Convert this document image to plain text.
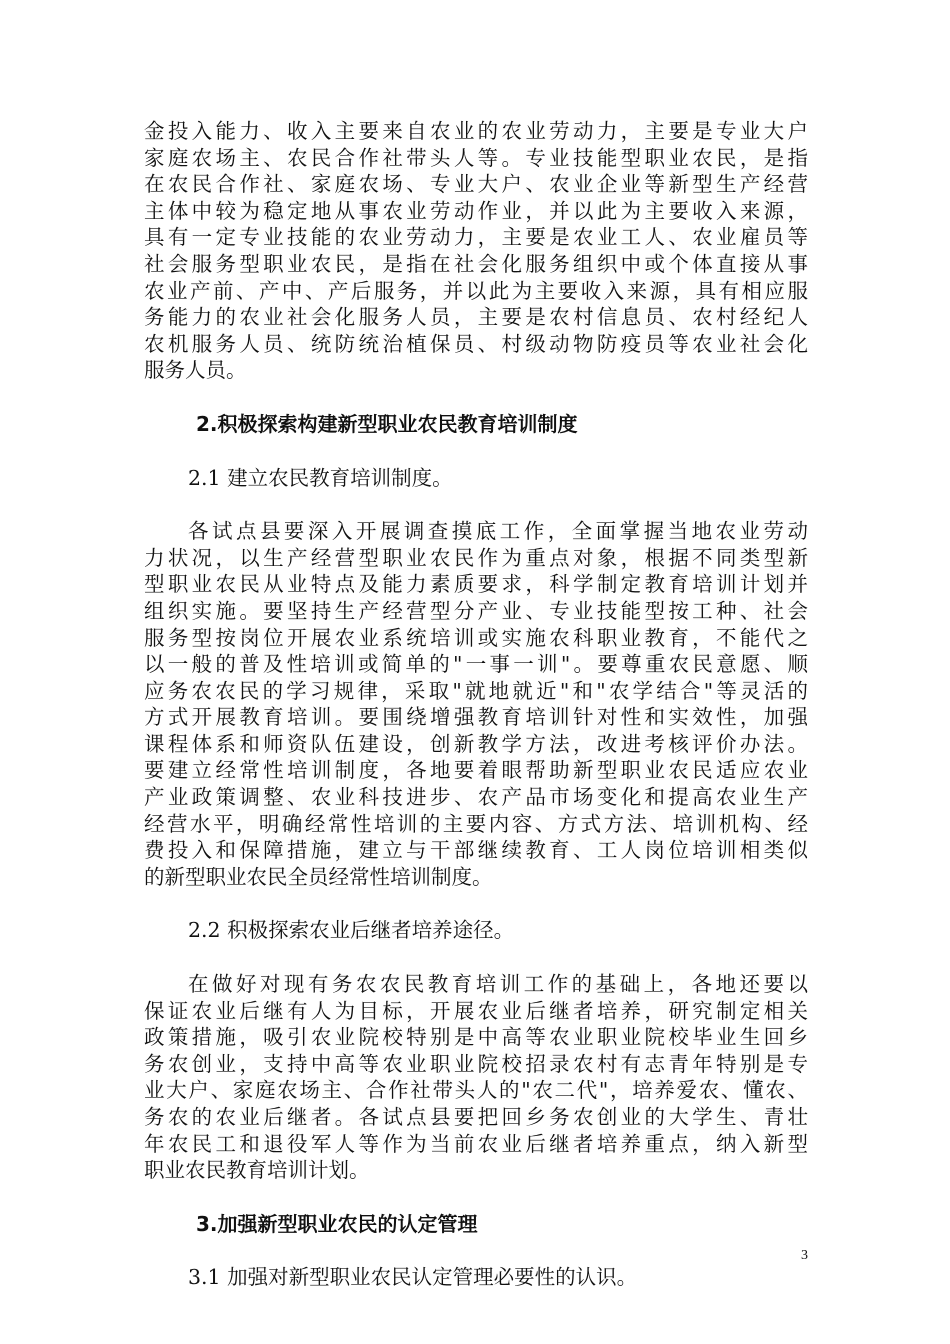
金投入能力、收入主要来自农业的农业劳动力，主要是专业大户
家庭农场主、农民合作社带头人等。专业技能型职业农民，是指
在农民合作社、家庭农场、专业大户、农业企业等新型生产经营
主体中较为稳定地从事农业劳动作业，并以此为主要收入来源，
具有一定专业技能的农业劳动力，主要是农业工人、农业雇员等
社会服务型职业农民，是指在社会化服务组织中或个体直接从事
农业产前、产中、产后服务，并以此为主要收入来源，具有相应服
务能力的农业社会化服务人员，主要是农村信息员、农村经纪人
农机服务人员、统防统治植保员、村级动物防疫员等农业社会化
服务人员。
2.积极探索构建新型职业农民教育培训制度
2.1 建立农民教育培训制度。
各试点县要深入开展调查摸底工作，全面掌握当地农业劳动
力状况，以生产经营型职业农民作为重点对象，根据不同类型新
型职业农民从业特点及能力素质要求，科学制定教育培训计划并
组织实施。要坚持生产经营型分产业、专业技能型按工种、社会
服务型按岗位开展农业系统培训或实施农科职业教育，不能代之
以一般的普及性培训或简单的"一事一训"。要尊重农民意愿、顺
应务农农民的学习规律，采取"就地就近"和"农学结合"等灵活的
方式开展教育培训。要围绕增强教育培训针对性和实效性，加强
课程体系和师资队伍建设，创新教学方法，改进考核评价办法。
要建立经常性培训制度，各地要着眼帮助新型职业农民适应农业
产业政策调整、农业科技进步、农产品市场变化和提高农业生产
经营水平，明确经常性培训的主要内容、方式方法、培训机构、经
费投入和保障措施，建立与干部继续教育、工人岗位培训相类似
的新型职业农民全员经常性培训制度。
2.2 积极探索农业后继者培养途径。
在做好对现有务农农民教育培训工作的基础上，各地还要以
保证农业后继有人为目标，开展农业后继者培养，研究制定相关
政策措施，吸引农业院校特别是中高等农业职业院校毕业生回乡
务农创业，支持中高等农业职业院校招录农村有志青年特别是专
业大户、家庭农场主、合作社带头人的"农二代"，培养爱农、懂农、
务农的农业后继者。各试点县要把回乡务农创业的大学生、青壮
年农民工和退役军人等作为当前农业后继者培养重点，纳入新型
职业农民教育培训计划。
3.加强新型职业农民的认定管理
3.1 加强对新型职业农民认定管理必要性的认识。
3
